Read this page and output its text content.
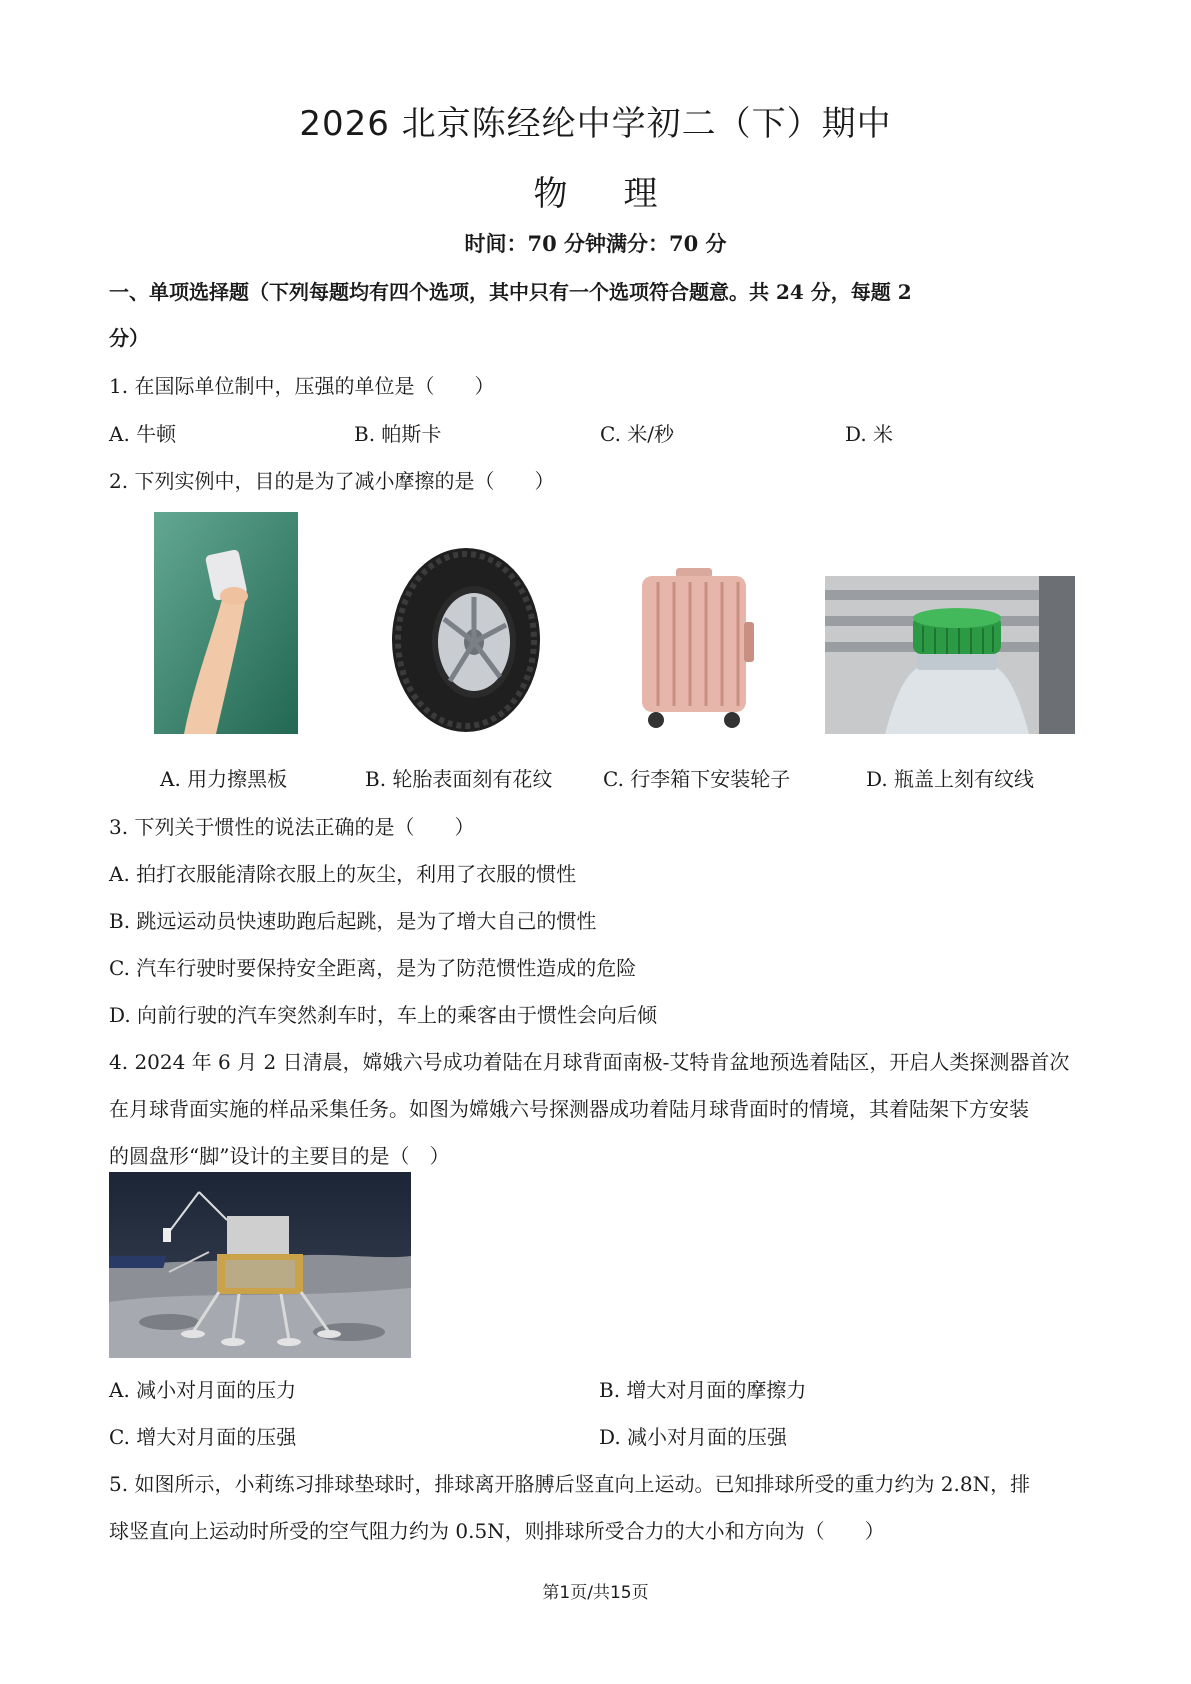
2026 北京陈经纶中学初二（下）期中
物理
时间：70 分钟满分：70 分
一、单项选择题（下列每题均有四个选项，其中只有一个选项符合题意。共 24 分，每题 2
分）
1. 在国际单位制中，压强的单位是（　　）
A. 牛顿	B. 帕斯卡	C. 米/秒	D. 米
2. 下列实例中，目的是为了减小摩擦的是（　　）
A. 用力擦黑板	B. 轮胎表面刻有花纹	C. 行李箱下安装轮子	D. 瓶盖上刻有纹线
3. 下列关于惯性的说法正确的是（　　）
A. 拍打衣服能清除衣服上的灰尘，利用了衣服的惯性
B. 跳远运动员快速助跑后起跳，是为了增大自己的惯性
C. 汽车行驶时要保持安全距离，是为了防范惯性造成的危险
D. 向前行驶的汽车突然刹车时，车上的乘客由于惯性会向后倾
4. 2024 年 6 月 2 日清晨，嫦娥六号成功着陆在月球背面南极-艾特肯盆地预选着陆区，开启人类探测器首次
在月球背面实施的样品采集任务。如图为嫦娥六号探测器成功着陆月球背面时的情境，其着陆架下方安装
的圆盘形“脚”设计的主要目的是（　）
A. 减小对月面的压力	B. 增大对月面的摩擦力
C. 增大对月面的压强	D. 减小对月面的压强
5. 如图所示，小莉练习排球垫球时，排球离开胳膊后竖直向上运动。已知排球所受的重力约为 2.8N，排
球竖直向上运动时所受的空气阻力约为 0.5N，则排球所受合力的大小和方向为（　　）
第1页/共15页
